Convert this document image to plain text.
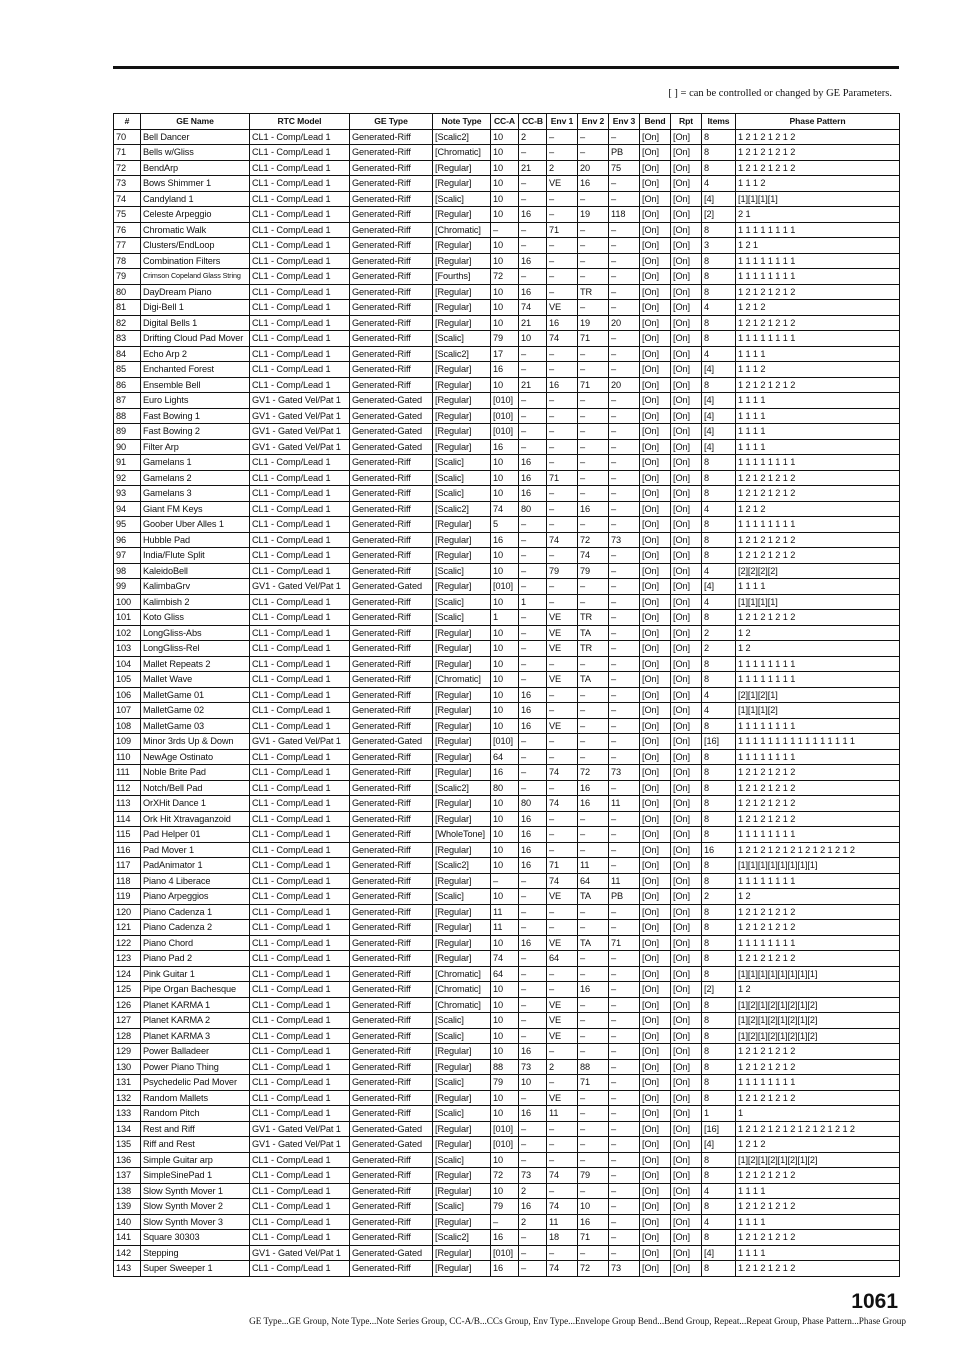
[ ] = can be controlled or changed by GE Parameters.
#	GE Name	RTC Model	GE Type	Note Type	CC-A	CC-B	Env 1	Env 2	Env 3	Bend	Rpt	Items	Phase Pattern
70	Bell Dancer	CL1 - Comp/Lead 1	Generated-Riff	[Scalic2]	10	2	–	–	–	[On]	[On]	8	1 2 1 2 1 2 1 2
71	Bells w/Gliss	CL1 - Comp/Lead 1	Generated-Riff	[Chromatic]	10	–	–	–	PB	[On]	[On]	8	1 2 1 2 1 2 1 2
72	BendArp	CL1 - Comp/Lead 1	Generated-Riff	[Regular]	10	21	2	20	75	[On]	[On]	8	1 2 1 2 1 2 1 2
73	Bows Shimmer 1	CL1 - Comp/Lead 1	Generated-Riff	[Regular]	10	–	VE	16	–	[On]	[On]	4	1 1 1 2
74	Candyland 1	CL1 - Comp/Lead 1	Generated-Riff	[Scalic]	10	–	–	–	–	[On]	[On]	[4]	[1][1][1][1]
75	Celeste Arpeggio	CL1 - Comp/Lead 1	Generated-Riff	[Regular]	10	16	–	19	118	[On]	[On]	[2]	2 1
76	Chromatic Walk	CL1 - Comp/Lead 1	Generated-Riff	[Chromatic]	–	–	71	–	–	[On]	[On]	8	1 1 1 1 1 1 1 1
77	Clusters/EndLoop	CL1 - Comp/Lead 1	Generated-Riff	[Regular]	10	–	–	–	–	[On]	[On]	3	1 2 1
78	Combination Filters	CL1 - Comp/Lead 1	Generated-Riff	[Regular]	10	16	–	–	–	[On]	[On]	8	1 1 1 1 1 1 1 1
79	Crimson Copeland Glass String	CL1 - Comp/Lead 1	Generated-Riff	[Fourths]	72	–	–	–	–	[On]	[On]	8	1 1 1 1 1 1 1 1
80	DayDream Piano	CL1 - Comp/Lead 1	Generated-Riff	[Regular]	10	16	–	TR	–	[On]	[On]	8	1 2 1 2 1 2 1 2
81	Digi-Bell 1	CL1 - Comp/Lead 1	Generated-Riff	[Regular]	10	74	VE	–	–	[On]	[On]	4	1 2 1 2
82	Digital Bells 1	CL1 - Comp/Lead 1	Generated-Riff	[Regular]	10	21	16	19	20	[On]	[On]	8	1 2 1 2 1 2 1 2
83	Drifting Cloud Pad Mover	CL1 - Comp/Lead 1	Generated-Riff	[Scalic]	79	10	74	71	–	[On]	[On]	8	1 1 1 1 1 1 1 1
84	Echo Arp 2	CL1 - Comp/Lead 1	Generated-Riff	[Scalic2]	17	–	–	–	–	[On]	[On]	4	1 1 1 1
85	Enchanted Forest	CL1 - Comp/Lead 1	Generated-Riff	[Regular]	16	–	–	–	–	[On]	[On]	[4]	1 1 1 2
86	Ensemble Bell	CL1 - Comp/Lead 1	Generated-Riff	[Regular]	10	21	16	71	20	[On]	[On]	8	1 2 1 2 1 2 1 2
87	Euro Lights	GV1 - Gated Vel/Pat 1	Generated-Gated	[Regular]	[010]	–	–	–	–	[On]	[On]	[4]	1 1 1 1
88	Fast Bowing 1	GV1 - Gated Vel/Pat 1	Generated-Gated	[Regular]	[010]	–	–	–	–	[On]	[On]	[4]	1 1 1 1
89	Fast Bowing 2	GV1 - Gated Vel/Pat 1	Generated-Gated	[Regular]	[010]	–	–	–	–	[On]	[On]	[4]	1 1 1 1
90	Filter Arp	GV1 - Gated Vel/Pat 1	Generated-Gated	[Regular]	16	–	–	–	–	[On]	[On]	[4]	1 1 1 1
91	Gamelans 1	CL1 - Comp/Lead 1	Generated-Riff	[Scalic]	10	16	–	–	–	[On]	[On]	8	1 1 1 1 1 1 1 1
92	Gamelans 2	CL1 - Comp/Lead 1	Generated-Riff	[Scalic]	10	16	71	–	–	[On]	[On]	8	1 2 1 2 1 2 1 2
93	Gamelans 3	CL1 - Comp/Lead 1	Generated-Riff	[Scalic]	10	16	–	–	–	[On]	[On]	8	1 2 1 2 1 2 1 2
94	Giant FM Keys	CL1 - Comp/Lead 1	Generated-Riff	[Scalic2]	74	80	–	16	–	[On]	[On]	4	1 2 1 2
95	Goober Uber Alles 1	CL1 - Comp/Lead 1	Generated-Riff	[Regular]	5	–	–	–	–	[On]	[On]	8	1 1 1 1 1 1 1 1
96	Hubble Pad	CL1 - Comp/Lead 1	Generated-Riff	[Regular]	16	–	74	72	73	[On]	[On]	8	1 2 1 2 1 2 1 2
97	India/Flute Split	CL1 - Comp/Lead 1	Generated-Riff	[Regular]	10	–	–	74	–	[On]	[On]	8	1 2 1 2 1 2 1 2
98	KaleidoBell	CL1 - Comp/Lead 1	Generated-Riff	[Scalic]	10	–	79	79	–	[On]	[On]	4	[2][2][2][2]
99	KalimbaGrv	GV1 - Gated Vel/Pat 1	Generated-Gated	[Regular]	[010]	–	–	–	–	[On]	[On]	[4]	1 1 1 1
100	Kalimbish 2	CL1 - Comp/Lead 1	Generated-Riff	[Scalic]	10	1	–	–	–	[On]	[On]	4	[1][1][1][1]
101	Koto Gliss	CL1 - Comp/Lead 1	Generated-Riff	[Scalic]	1	–	VE	TR	–	[On]	[On]	8	1 2 1 2 1 2 1 2
102	LongGliss-Abs	CL1 - Comp/Lead 1	Generated-Riff	[Regular]	10	–	VE	TA	–	[On]	[On]	2	1 2
103	LongGliss-Rel	CL1 - Comp/Lead 1	Generated-Riff	[Regular]	10	–	VE	TR	–	[On]	[On]	2	1 2
104	Mallet Repeats 2	CL1 - Comp/Lead 1	Generated-Riff	[Regular]	10	–	–	–	–	[On]	[On]	8	1 1 1 1 1 1 1 1
105	Mallet Wave	CL1 - Comp/Lead 1	Generated-Riff	[Chromatic]	10	–	VE	TA	–	[On]	[On]	8	1 1 1 1 1 1 1 1
106	MalletGame 01	CL1 - Comp/Lead 1	Generated-Riff	[Regular]	10	16	–	–	–	[On]	[On]	4	[2][1][2][1]
107	MalletGame 02	CL1 - Comp/Lead 1	Generated-Riff	[Regular]	10	16	–	–	–	[On]	[On]	4	[1][1][1][2]
108	MalletGame 03	CL1 - Comp/Lead 1	Generated-Riff	[Regular]	10	16	VE	–	–	[On]	[On]	8	1 1 1 1 1 1 1 1
109	Minor 3rds Up & Down	GV1 - Gated Vel/Pat 1	Generated-Gated	[Regular]	[010]	–	–	–	–	[On]	[On]	[16]	1 1 1 1 1 1 1 1 1 1 1 1 1 1 1 1
110	NewAge Ostinato	CL1 - Comp/Lead 1	Generated-Riff	[Regular]	64	–	–	–	–	[On]	[On]	8	1 1 1 1 1 1 1 1
111	Noble Brite Pad	CL1 - Comp/Lead 1	Generated-Riff	[Regular]	16	–	74	72	73	[On]	[On]	8	1 2 1 2 1 2 1 2
112	Notch/Bell Pad	CL1 - Comp/Lead 1	Generated-Riff	[Scalic2]	80	–	–	16	–	[On]	[On]	8	1 2 1 2 1 2 1 2
113	OrXHit Dance 1	CL1 - Comp/Lead 1	Generated-Riff	[Regular]	10	80	74	16	11	[On]	[On]	8	1 2 1 2 1 2 1 2
114	Ork Hit Xtravaganzoid	CL1 - Comp/Lead 1	Generated-Riff	[Regular]	10	16	–	–	–	[On]	[On]	8	1 2 1 2 1 2 1 2
115	Pad Helper 01	CL1 - Comp/Lead 1	Generated-Riff	[WholeTone]	10	16	–	–	–	[On]	[On]	8	1 1 1 1 1 1 1 1
116	Pad Mover 1	CL1 - Comp/Lead 1	Generated-Riff	[Regular]	10	16	–	–	–	[On]	[On]	16	1 2 1 2 1 2 1 2 1 2 1 2 1 2 1 2
117	PadAnimator 1	CL1 - Comp/Lead 1	Generated-Riff	[Scalic2]	10	16	71	11	–	[On]	[On]	8	[1][1][1][1][1][1][1][1]
118	Piano 4 Liberace	CL1 - Comp/Lead 1	Generated-Riff	[Regular]	–	–	74	64	11	[On]	[On]	8	1 1 1 1 1 1 1 1
119	Piano Arpeggios	CL1 - Comp/Lead 1	Generated-Riff	[Scalic]	10	–	VE	TA	PB	[On]	[On]	2	1 2
120	Piano Cadenza 1	CL1 - Comp/Lead 1	Generated-Riff	[Regular]	11	–	–	–	–	[On]	[On]	8	1 2 1 2 1 2 1 2
121	Piano Cadenza 2	CL1 - Comp/Lead 1	Generated-Riff	[Regular]	11	–	–	–	–	[On]	[On]	8	1 2 1 2 1 2 1 2
122	Piano Chord	CL1 - Comp/Lead 1	Generated-Riff	[Regular]	10	16	VE	TA	71	[On]	[On]	8	1 1 1 1 1 1 1 1
123	Piano Pad 2	CL1 - Comp/Lead 1	Generated-Riff	[Regular]	74	–	64	–	–	[On]	[On]	8	1 2 1 2 1 2 1 2
124	Pink Guitar 1	CL1 - Comp/Lead 1	Generated-Riff	[Chromatic]	64	–	–	–	–	[On]	[On]	8	[1][1][1][1][1][1][1][1]
125	Pipe Organ Bachesque	CL1 - Comp/Lead 1	Generated-Riff	[Chromatic]	10	–	–	16	–	[On]	[On]	[2]	1 2
126	Planet KARMA 1	CL1 - Comp/Lead 1	Generated-Riff	[Chromatic]	10	–	VE	–	–	[On]	[On]	8	[1][2][1][2][1][2][1][2]
127	Planet KARMA 2	CL1 - Comp/Lead 1	Generated-Riff	[Scalic]	10	–	VE	–	–	[On]	[On]	8	[1][2][1][2][1][2][1][2]
128	Planet KARMA 3	CL1 - Comp/Lead 1	Generated-Riff	[Scalic]	10	–	VE	–	–	[On]	[On]	8	[1][2][1][2][1][2][1][2]
129	Power Balladeer	CL1 - Comp/Lead 1	Generated-Riff	[Regular]	10	16	–	–	–	[On]	[On]	8	1 2 1 2 1 2 1 2
130	Power Piano Thing	CL1 - Comp/Lead 1	Generated-Riff	[Regular]	88	73	2	88	–	[On]	[On]	8	1 2 1 2 1 2 1 2
131	Psychedelic Pad Mover	CL1 - Comp/Lead 1	Generated-Riff	[Scalic]	79	10	–	71	–	[On]	[On]	8	1 1 1 1 1 1 1 1
132	Random Mallets	CL1 - Comp/Lead 1	Generated-Riff	[Regular]	10	–	VE	–	–	[On]	[On]	8	1 2 1 2 1 2 1 2
133	Random Pitch	CL1 - Comp/Lead 1	Generated-Riff	[Scalic]	10	16	11	–	–	[On]	[On]	1	1
134	Rest and Riff	GV1 - Gated Vel/Pat 1	Generated-Gated	[Regular]	[010]	–	–	–	–	[On]	[On]	[16]	1 2 1 2 1 2 1 2 1 2 1 2 1 2 1 2
135	Riff and Rest	GV1 - Gated Vel/Pat 1	Generated-Gated	[Regular]	[010]	–	–	–	–	[On]	[On]	[4]	1 2 1 2
136	Simple Guitar arp	CL1 - Comp/Lead 1	Generated-Riff	[Scalic]	10	–	–	–	–	[On]	[On]	8	[1][2][1][2][1][2][1][2]
137	SimpleSinePad 1	CL1 - Comp/Lead 1	Generated-Riff	[Regular]	72	73	74	79	–	[On]	[On]	8	1 2 1 2 1 2 1 2
138	Slow Synth Mover 1	CL1 - Comp/Lead 1	Generated-Riff	[Regular]	10	2	–	–	–	[On]	[On]	4	1 1 1 1
139	Slow Synth Mover 2	CL1 - Comp/Lead 1	Generated-Riff	[Scalic]	79	16	74	10	–	[On]	[On]	8	1 2 1 2 1 2 1 2
140	Slow Synth Mover 3	CL1 - Comp/Lead 1	Generated-Riff	[Regular]	–	2	11	16	–	[On]	[On]	4	1 1 1 1
141	Square 30303	CL1 - Comp/Lead 1	Generated-Riff	[Scalic2]	16	–	18	71	–	[On]	[On]	8	1 2 1 2 1 2 1 2
142	Stepping	GV1 - Gated Vel/Pat 1	Generated-Gated	[Regular]	[010]	–	–	–	–	[On]	[On]	[4]	1 1 1 1
143	Super Sweeper 1	CL1 - Comp/Lead 1	Generated-Riff	[Regular]	16	–	74	72	73	[On]	[On]	8	1 2 1 2 1 2 1 2
1061
GE Type...GE Group, Note Type...Note Series Group, CC-A/B...CCs Group, Env Type...Envelope Group Bend...Bend Group, Repeat...Repeat Group, Phase Pattern...Phase Group
